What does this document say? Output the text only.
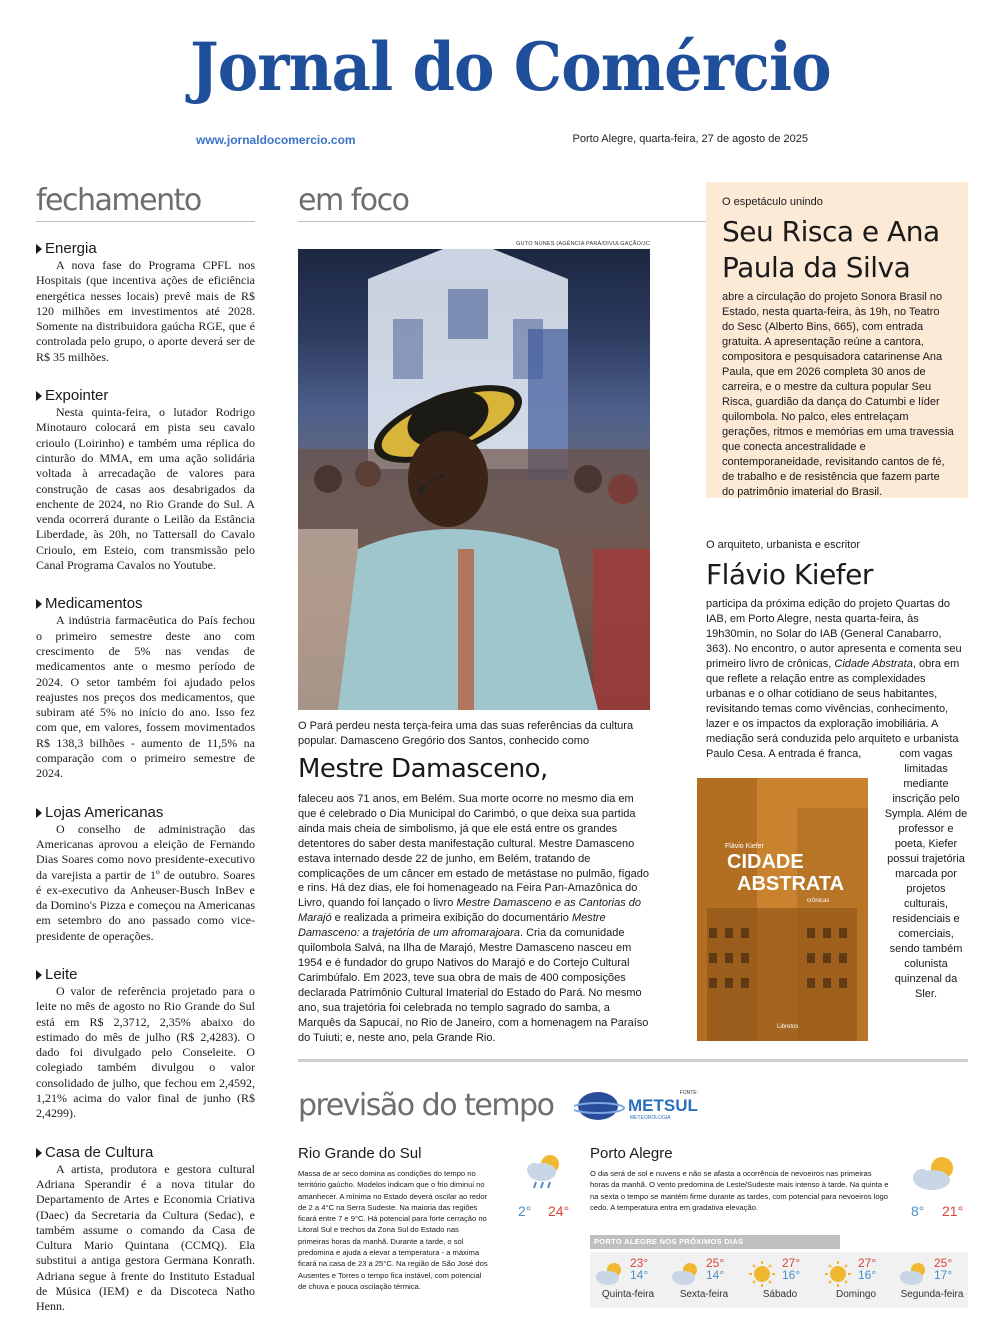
Jornal do Comércio
www.jornaldocomercio.com	Porto Alegre, quarta-feira, 27 de agosto de 2025
fechamento	em foco
Energia

A nova fase do Programa CPFL nos Hospitais (que incentiva ações de eficiência energética nesses locais) prevê mais de R$ 120 milhões em investimentos até 2028. Somente na distribuidora gaúcha RGE, que é controlada pelo grupo, o aporte deverá ser de R$ 35 milhões.

Expointer

Nesta quinta-feira, o lutador Rodrigo Minotauro colocará em pista seu cavalo crioulo (Loirinho) e também uma réplica do cinturão do MMA, em uma ação solidária voltada à arrecadação de valores para construção de casas aos desabrigados da enchente de 2024, no Rio Grande do Sul. A venda ocorrerá durante o Leilão da Estância Liberdade, às 20h, no Tattersall do Cavalo Crioulo, em Esteio, com transmissão pelo Canal Programa Cavalos no Youtube.

Medicamentos

A indústria farmacêutica do País fechou o primeiro semestre deste ano com crescimento de 5% nas vendas de medicamentos ante o mesmo período de 2024. O setor também foi ajudado pelos reajustes nos preços dos medicamentos, que subiram até 5% no início do ano. Isso fez com que, em valores, fossem movimentados R$ 138,3 bilhões - aumento de 11,5% na comparação com o primeiro semestre de 2024.

Lojas Americanas

O conselho de administração das Americanas aprovou a eleição de Fernando Dias Soares como novo presidente-executivo da varejista a partir de 1º de outubro. Soares é ex-executivo da Anheuser-Busch InBev e da Domino's Pizza e começou na Americanas em setembro do ano passado como vice-presidente de operações.

Leite

O valor de referência projetado para o leite no mês de agosto no Rio Grande do Sul está em R$ 2,3712, 2,35% abaixo do estimado do mês de julho (R$ 2,4283). O dado foi divulgado pelo Conseleite. O colegiado também divulgou o valor consolidado de julho, que fechou em 2,4592, 1,21% acima do valor final de junho (R$ 2,4299).

Casa de Cultura

A artista, produtora e gestora cultural Adriana Sperandir é a nova titular do Departamento de Artes e Economia Criativa (Daec) da Secretaria da Cultura (Sedac), e também assume o comando da Casa de Cultura Mario Quintana (CCMQ). Ela substitui a antiga gestora Germana Konrath. Adriana segue à frente do Instituto Estadual de Música (IEM) e da Discoteca Natho Henn.

GUTO NUNES (AGÊNCIA PARÁ/DIVULGAÇÃO/JC
O Pará perdeu nesta terça-feira uma das suas referências da cultura popular. Damasceno Gregório dos Santos, conhecido como
Mestre Damasceno,

faleceu aos 71 anos, em Belém. Sua morte ocorre no mesmo dia em que é celebrado o Dia Municipal do Carimbó, o que deixa sua partida ainda mais cheia de simbolismo, já que ele está entre os grandes detentores do saber desta manifestação cultural. Mestre Damasceno estava internado desde 22 de junho, em Belém, tratando de complicações de um câncer em estado de metástase no pulmão, fígado e rins. Há dez dias, ele foi homenageado na Feira Pan-Amazônica do Livro, quando foi lançado o livro Mestre Damasceno e as Cantorias do Marajó e realizada a primeira exibição do documentário Mestre Damasceno: a trajetória de um afromarajoara. Cria da comunidade quilombola Salvá, na Ilha de Marajó, Mestre Damasceno nasceu em 1954 e é fundador do grupo Nativos do Marajó e do Cortejo Cultural Carimbúfalo. Em 2023, teve sua obra de mais de 400 composições declarada Patrimônio Cultural Imaterial do Estado do Pará. No mesmo ano, sua trajetória foi celebrada no templo sagrado do samba, a Marquês da Sapucaí, no Rio de Janeiro, com a homenagem na Paraíso do Tuiuti; e, neste ano, pela Grande Rio.

O espetáculo unindo
Seu Risca e Ana Paula da Silva
abre a circulação do projeto Sonora Brasil no Estado, nesta quarta-feira, às 19h, no Teatro do Sesc (Alberto Bins, 665), com entrada gratuita. A apresentação reúne a cantora, compositora e pesquisadora catarinense Ana Paula, que em 2026 completa 30 anos de carreira, e o mestre da cultura popular Seu Risca, guardião da dança do Catumbi e líder quilombola. No palco, eles entrelaçam gerações, ritmos e memórias em uma travessia que conecta ancestralidade e contemporaneidade, revisitando cantos de fé, de trabalho e de resistência que fazem parte do patrimônio imaterial do Brasil.
O arquiteto, urbanista e escritor
Flávio Kiefer
participa da próxima edição do projeto Quartas do IAB, em Porto Alegre, nesta quarta-feira, às 19h30min, no Solar do IAB (General Canabarro, 363). No encontro, o autor apresenta e comenta seu primeiro livro de crônicas, Cidade Abstrata, obra em que reflete a relação entre as complexidades urbanas e o olhar cotidiano de seus habitantes, revisitando temas como vivências, conhecimento, lazer e os impactos da exploração imobiliária. A mediação será conduzida pelo arquiteto e urbanista Paulo Cesa. A entrada é franca,	com vagas limitadas mediante inscrição pelo Sympla. Além de professor e poeta, Kiefer possui trajetória marcada por projetos culturais, residenciais e comerciais, sendo também colunista quinzenal da Sler.
Flávio Kiefer
CIDADE
ABSTRATA
crônicas
Libretos
previsão do tempo	FONTE:
METSUL
METEOROLOGIA
Rio Grande do Sul
Massa de ar seco domina as condições do tempo no território gaúcho. Modelos indicam que o frio diminui no amanhecer. A mínima no Estado deverá oscilar ao redor de 2 a 4°C na Serra Sudeste. Na maioria das regiões ficará entre 7 e 9°C. Há potencial para forte cerração no Litoral Sul e trechos da Zona Sul do Estado nas primeiras horas da manhã. Durante a tarde, o sol predomina e ajuda a elevar a temperatura - a máxima ficará na casa de 23 a 25°C. Na região de São José dos Ausentes e Torres o tempo fica instável, com potencial de chuva e pouca oscilação térmica.
2° 24°
Porto Alegre
O dia será de sol e nuvens e não se afasta a ocorrência de nevoeiros nas primeiras horas da manhã. O vento predomina de Leste/Sudeste mais intenso à tarde. Na quinta e na sexta o tempo se mantém firme durante as tardes, com potencial para nevoeiros logo cedo. A temperatura entra em gradativa elevação.	8° 21°
PORTO ALEGRE NOS PRÓXIMOS DIAS
23°
14°
Quinta-feira
25°
14°
Sexta-feira
27°
16°
Sábado
27°
16°
Domingo
25°
17°
Segunda-feira
